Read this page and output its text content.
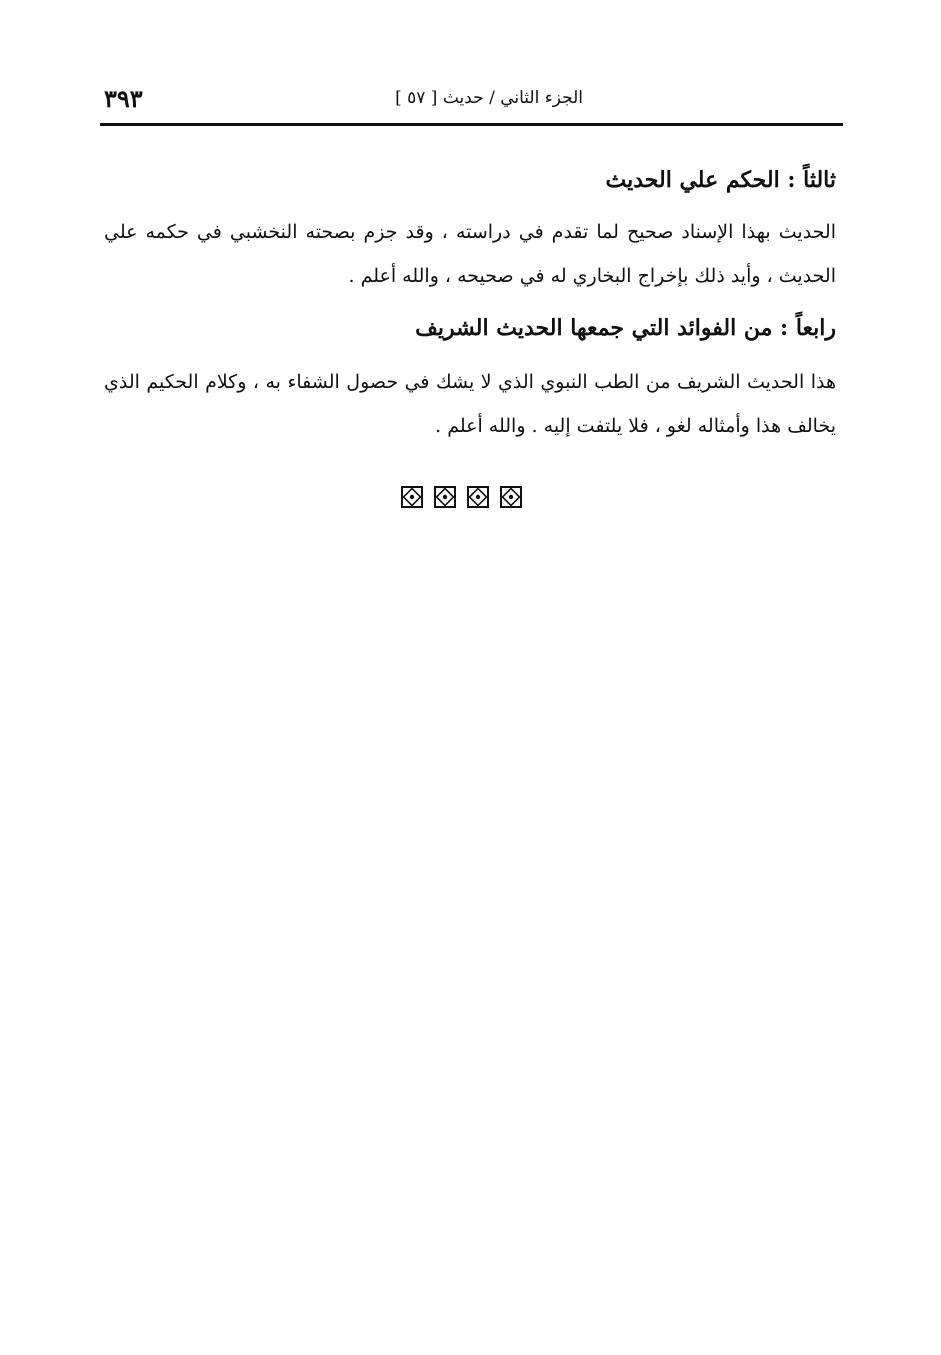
الجزء الثاني / حديث [ ٥٧ ]
٣٩٣
ثالثاً : الحكم علي الحديث

الحديث بهذا الإسناد صحيح لما تقدم في دراسته ، وقد جزم بصحته النخشبي في حكمه علي الحديث ، وأيد ذلك بإخراج البخاري له في صحيحه ، والله أعلم .

رابعاً : من الفوائد التي جمعها الحديث الشريف

هذا الحديث الشريف من الطب النبوي الذي لا يشك في حصول الشفاء به ، وكلام الحكيم الذي يخالف هذا وأمثاله لغو ، فلا يلتفت إليه . والله أعلم .
